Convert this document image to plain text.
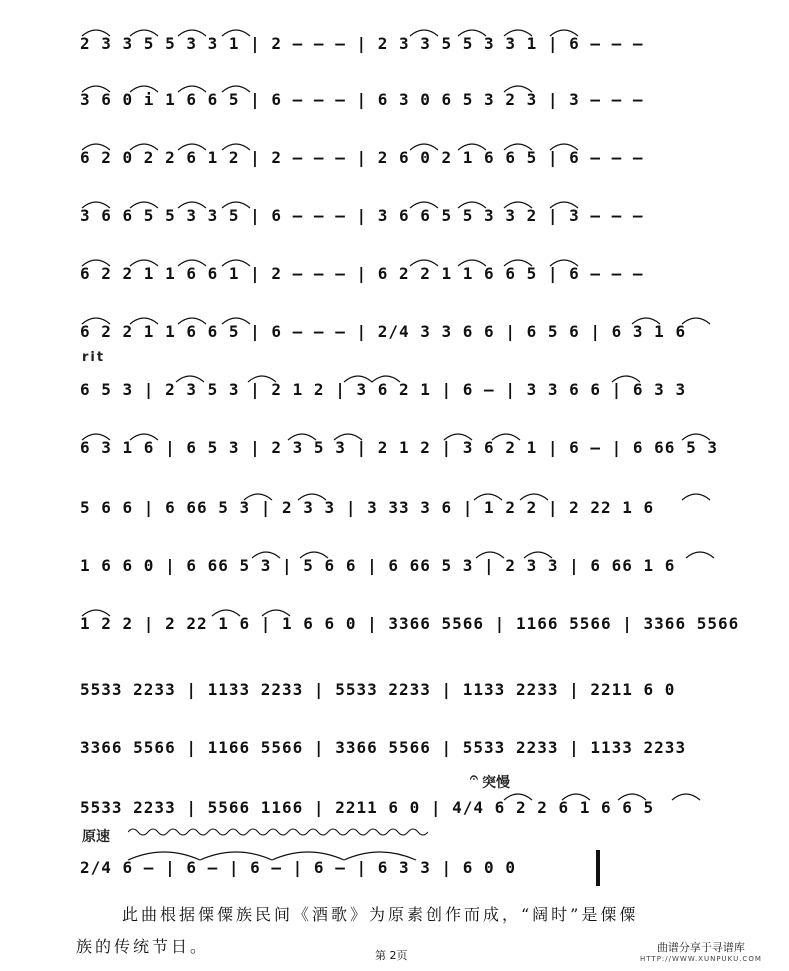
2 3 3 5 5 3 3 1 | 2 – – – | 2 3 3 5 5 3 3 1 | 6 – – –
3 6 0 i 1 6 6 5 | 6 – – – | 6 3 0 6 5 3 2 3 | 3 – – –
6 2 0 2 2 6 1 2 | 2 – – – | 2 6 0 2 1 6 6 5 | 6 – – –
3 6 6 5 5 3 3 5 | 6 – – – | 3 6 6 5 5 3 3 2 | 3 – – –
6 2 2 1 1 6 6 1 | 2 – – – | 6 2 2 1 1 6 6 5 | 6 – – –
6 2 2 1 1 6 6 5 | 6 – – – | 2/4 3 3 6 6 | 6 5 6 | 6 3 1 6
rit
6 5 3 | 2 3 5 3 | 2 1 2 | 3 6 2 1 | 6 – | 3 3 6 6 | 6 3 3
6 3 1 6 | 6 5 3 | 2 3 5 3 | 2 1 2 | 3 6 2 1 | 6 – | 6 66 5 3
5 6 6 | 6 66 5 3 | 2 3 3 | 3 33 3 6 | 1 2 2 | 2 22 1 6
1 6 6 0 | 6 66 5 3 | 5 6 6 | 6 66 5 3 | 2 3 3 | 6 66 1 6
1 2 2 | 2 22 1 6 | 1 6 6 0 | 3366 5566 | 1166 5566 | 3366 5566
5533 2233 | 1133 2233 | 5533 2233 | 1133 2233 | 2211 6 0
3366 5566 | 1166 5566 | 3366 5566 | 5533 2233 | 1133 2233
𝄐 突慢
5533 2233 | 5566 1166 | 2211 6 0 | 4/4 6 2 2 6 1 6 6 5
原速
2/4 6 – | 6 – | 6 – | 6 – | 6 3 3 | 6 0 0
此曲根据傈僳族民间《酒歌》为原素创作而成，“阔时”是傈僳
族的传统节日。	第 2页
曲谱分享于寻谱库
HTTP://WWW.XUNPUKU.COM
